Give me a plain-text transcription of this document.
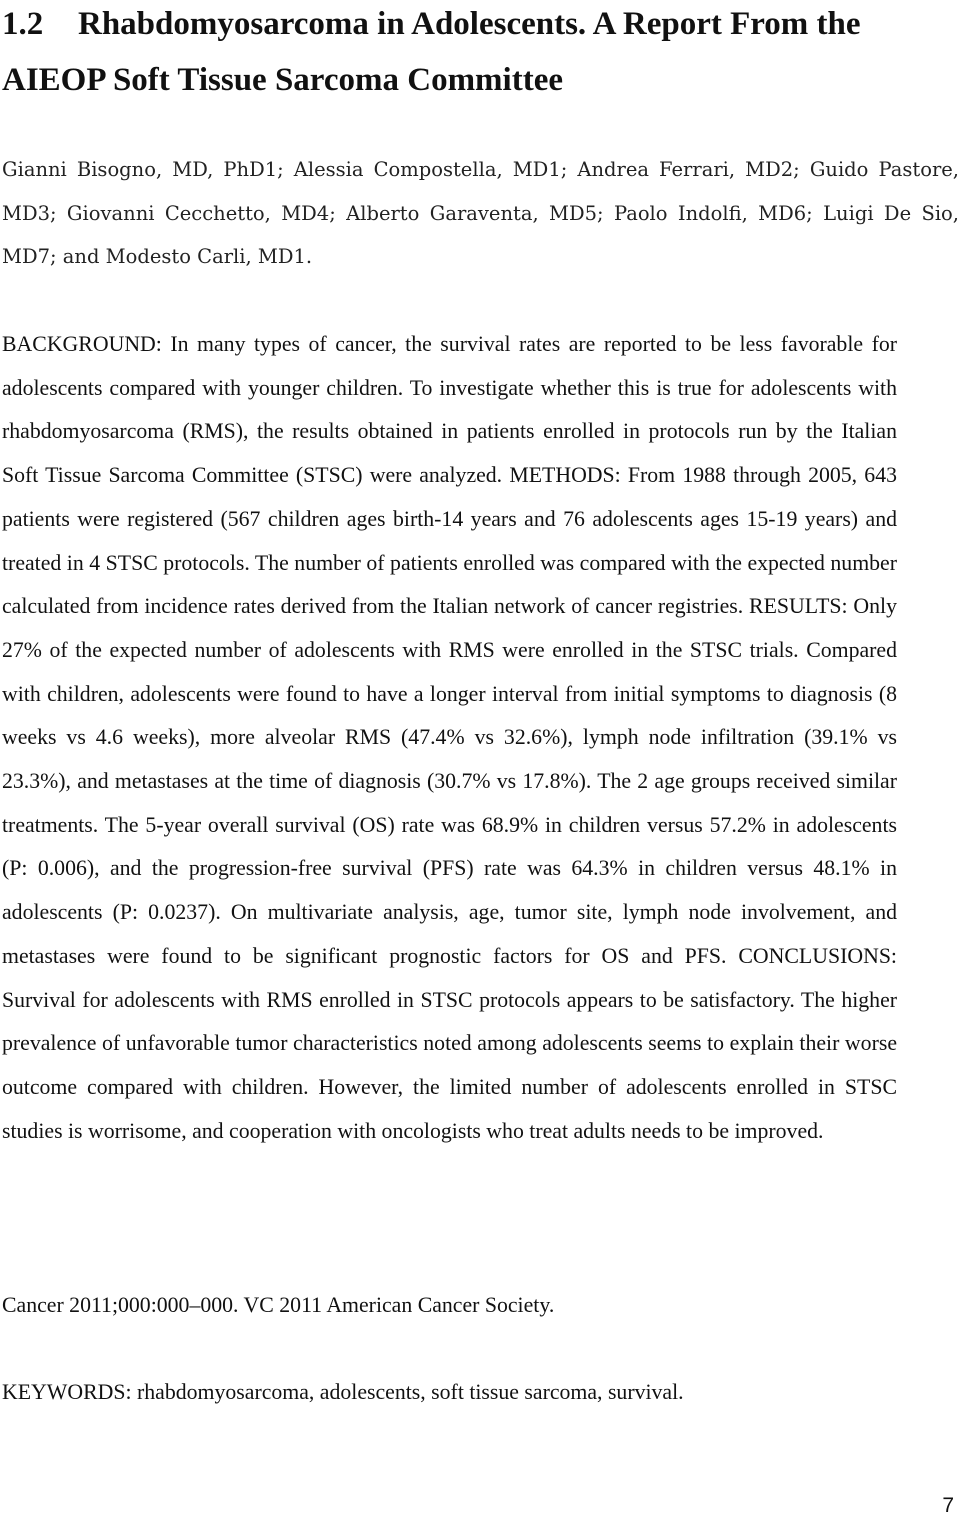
1.2 Rhabdomyosarcoma in Adolescents. A Report From the AIEOP Soft Tissue Sarcoma Committee

Gianni Bisogno, MD, PhD1; Alessia Compostella, MD1; Andrea Ferrari, MD2; Guido Pastore, MD3; Giovanni Cecchetto, MD4; Alberto Garaventa, MD5; Paolo Indolfi, MD6; Luigi De Sio, MD7; and Modesto Carli, MD1.

BACKGROUND: In many types of cancer, the survival rates are reported to be less favorable for adolescents compared with younger children. To investigate whether this is true for adolescents with rhabdomyosarcoma (RMS), the results obtained in patients enrolled in protocols run by the Italian Soft Tissue Sarcoma Committee (STSC) were analyzed. METHODS: From 1988 through 2005, 643 patients were registered (567 children ages birth-14 years and 76 adolescents ages 15-19 years) and treated in 4 STSC protocols. The number of patients enrolled was compared with the expected number calculated from incidence rates derived from the Italian network of cancer registries. RESULTS: Only 27% of the expected number of adolescents with RMS were enrolled in the STSC trials. Compared with children, adolescents were found to have a longer interval from initial symptoms to diagnosis (8 weeks vs 4.6 weeks), more alveolar RMS (47.4% vs 32.6%), lymph node infiltration (39.1% vs 23.3%), and metastases at the time of diagnosis (30.7% vs 17.8%). The 2 age groups received similar treatments. The 5-year overall survival (OS) rate was 68.9% in children versus 57.2% in adolescents (P: 0.006), and the progression-free survival (PFS) rate was 64.3% in children versus 48.1% in adolescents (P: 0.0237). On multivariate analysis, age, tumor site, lymph node involvement, and metastases were found to be significant prognostic factors for OS and PFS. CONCLUSIONS: Survival for adolescents with RMS enrolled in STSC protocols appears to be satisfactory. The higher prevalence of unfavorable tumor characteristics noted among adolescents seems to explain their worse outcome compared with children. However, the limited number of adolescents enrolled in STSC studies is worrisome, and cooperation with oncologists who treat adults needs to be improved.

Cancer 2011;000:000–000. VC 2011 American Cancer Society.

KEYWORDS: rhabdomyosarcoma, adolescents, soft tissue sarcoma, survival.

7
